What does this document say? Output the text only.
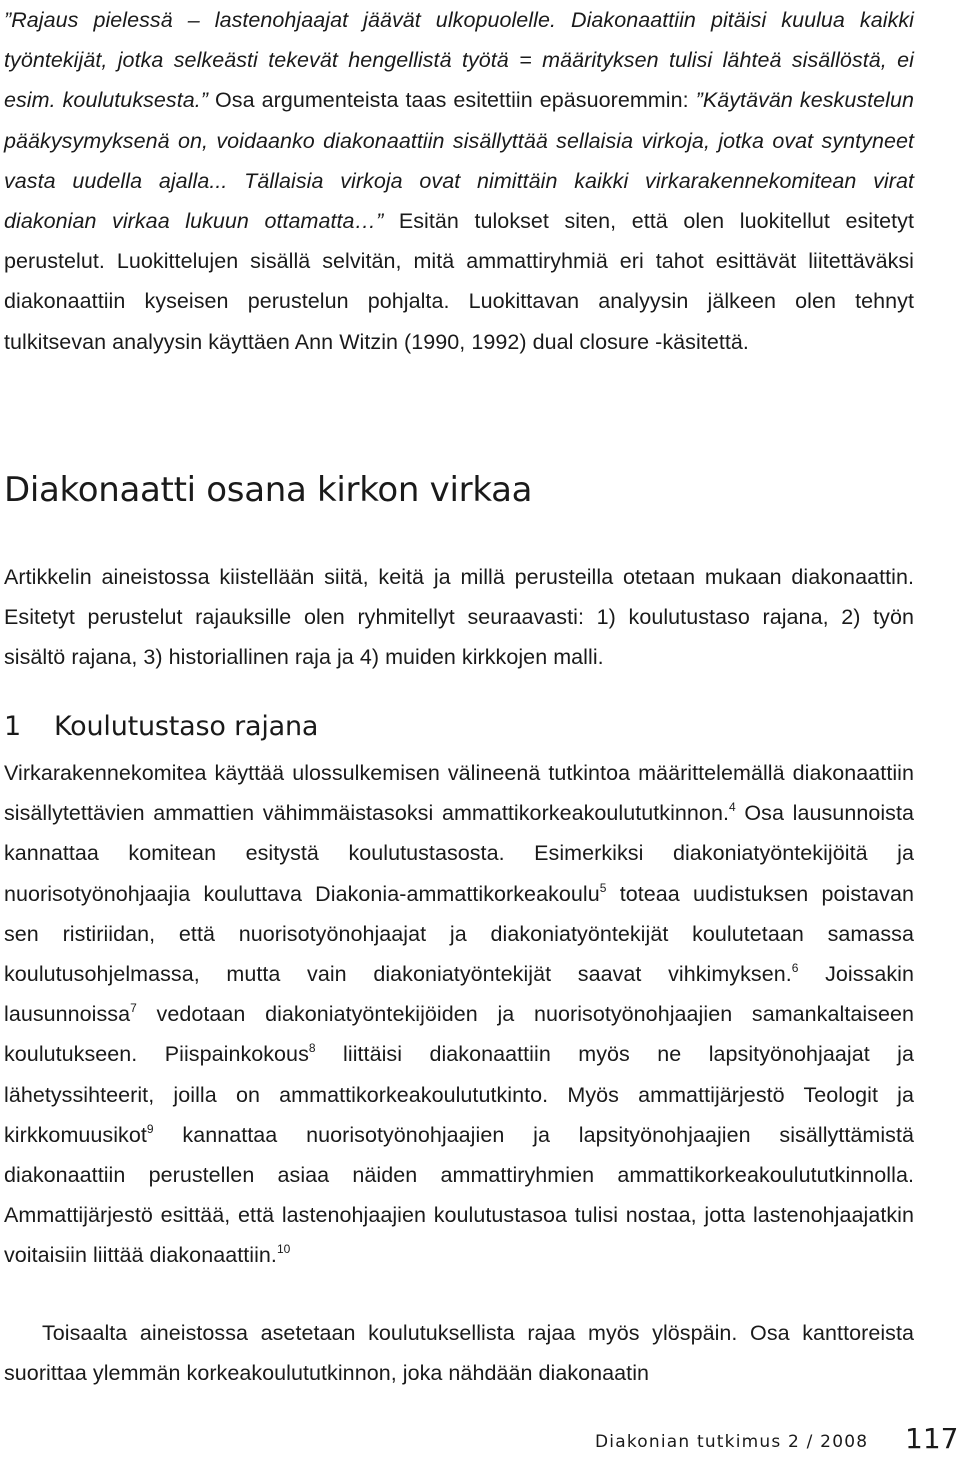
”Rajaus pielessä – lastenohjaajat jäävät ulkopuolelle. Diakonaattiin pitäisi kuulua kaikki työntekijät, jotka selkeästi tekevät hengellistä työtä = määrityksen tulisi lähteä sisällöstä, ei esim. koulutuksesta.” Osa argumenteista taas esitettiin epäsuoremmin: ”Käytävän keskustelun pääkysymyksenä on, voidaanko diakonaattiin sisällyttää sellaisia virkoja, jotka ovat syntyneet vasta uudella ajalla... Tällaisia virkoja ovat nimittäin kaikki virkarakennekomitean virat diakonian virkaa lukuun ottamatta…” Esitän tulokset siten, että olen luokitellut esitetyt perustelut. Luokittelujen sisällä selvitän, mitä ammattiryhmiä eri tahot esittävät liitettäväksi diakonaattiin kyseisen perustelun pohjalta. Luokittavan analyysin jälkeen olen tehnyt tulkitsevan analyysin käyttäen Ann Witzin (1990, 1992) dual closure -käsitettä.

Diakonaatti osana kirkon virkaa

Artikkelin aineistossa kiistellään siitä, keitä ja millä perusteilla otetaan mukaan diakonaattin. Esitetyt perustelut rajauksille olen ryhmitellyt seuraavasti: 1) koulutustaso rajana, 2) työn sisältö rajana, 3) historiallinen raja ja 4) muiden kirkkojen malli.

1 Koulutustaso rajana

Virkarakennekomitea käyttää ulossulkemisen välineenä tutkintoa määrittelemällä diakonaattiin sisällytettävien ammattien vähimmäistasoksi ammattikorkeakoulututkinnon.$^4$ Osa lausunnoista kannattaa komitean esitystä koulutustasosta. Esimerkiksi diakoniatyöntekijöitä ja nuorisotyönohjaajia kouluttava Diakonia-ammattikorkeakoulu$^5$ toteaa uudistuksen poistavan sen ristiriidan, että nuorisotyönohjaajat ja diakoniatyöntekijät koulutetaan samassa koulutusohjelmassa, mutta vain diakoniatyöntekijät saavat vihkimyksen.$^6$ Joissakin lausunnoissa$^7$ vedotaan diakoniatyöntekijöiden ja nuorisotyönohjaajien samankaltaiseen koulutukseen. Piispainkokous$^8$ liittäisi diakonaattiin myös ne lapsityönohjaajat ja lähetyssihteerit, joilla on ammattikorkeakoulututkinto. Myös ammattijärjestö Teologit ja kirkkomuusikot$^9$ kannattaa nuorisotyönohjaajien ja lapsityönohjaajien sisällyttämistä diakonaattiin perustellen asiaa näiden ammattiryhmien ammattikorkeakoulututkinnolla. Ammattijärjestö esittää, että lastenohjaajien koulutustasoa tulisi nostaa, jotta lastenohjaajatkin voitaisiin liittää diakonaattiin.$^{10}$

Toisaalta aineistossa asetetaan koulutuksellista rajaa myös ylöspäin. Osa kanttoreista suorittaa ylemmän korkeakoulututkinnon, joka nähdään diakonaatin

Diakonian tutkimus 2 / 2008 117
